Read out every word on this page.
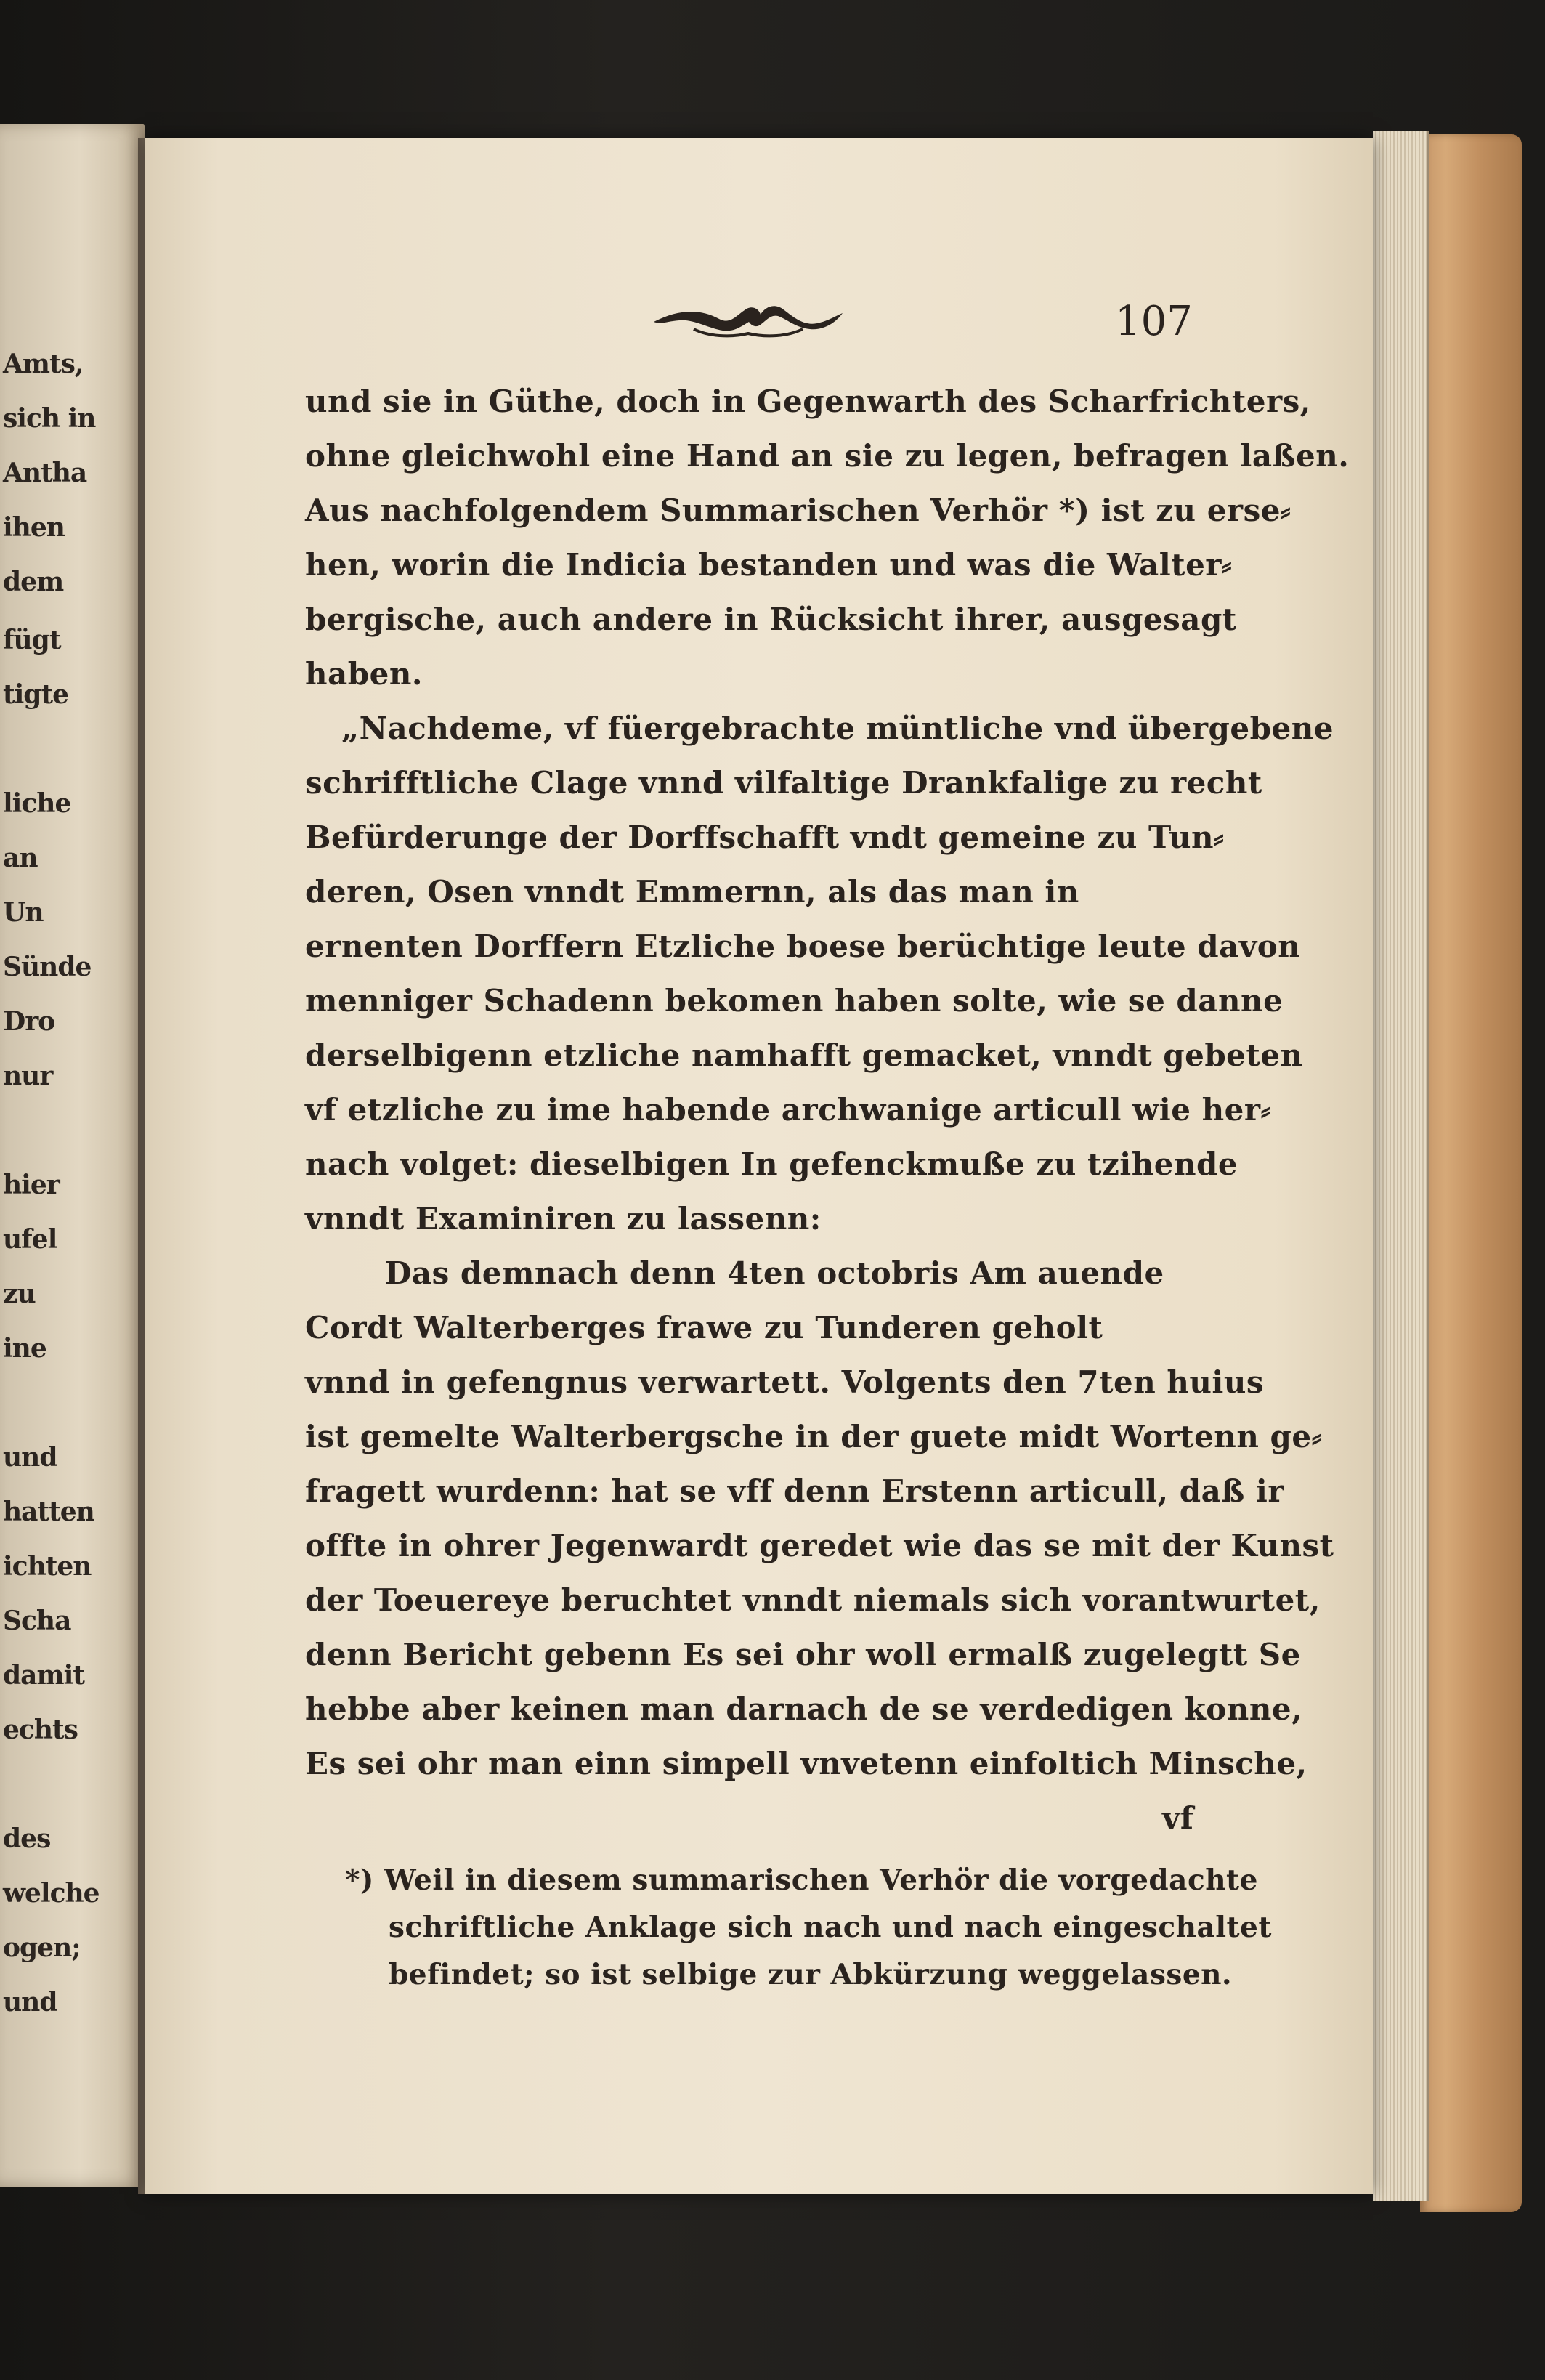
Amts,
sich in
Antha
ihen
dem
fügt
tigte
liche
an
Un
Sünde
Dro
nur
hier
ufel
zu
ine
und
hatten
ichten
Scha
damit
echts
des
welche
ogen;
und
107
und sie in Güthe, doch in Gegenwarth des Scharfrichters,
ohne gleichwohl eine Hand an sie zu legen, befragen laßen.
Aus nachfolgendem Summarischen Verhör *) ist zu erse⸗
hen, worin die Indicia bestanden und was die Walter⸗
bergische, auch andere in Rücksicht ihrer, ausgesagt
haben.
„Nachdeme, vf füergebrachte müntliche vnd übergebene
schrifftliche Clage vnnd vilfaltige Drankfalige zu recht
Befürderunge der Dorffschafft vndt gemeine zu Tun⸗
deren, Osen vnndt Emmernn, als das man in
ernenten Dorffern Etzliche boese berüchtige leute davon
menniger Schadenn bekomen haben solte, wie se danne
derselbigenn etzliche namhafft gemacket, vnndt gebeten
vf etzliche zu ime habende archwanige articull wie her⸗
nach volget: dieselbigen In gefenckmuße zu tzihende
vnndt Examiniren zu lassenn:
Das demnach denn 4ten octobris Am auende
Cordt Walterberges frawe zu Tunderen geholt
vnnd in gefengnus verwartett. Volgents den 7ten huius
ist gemelte Walterbergsche in der guete midt Wortenn ge⸗
fragett wurdenn: hat se vff denn Erstenn articull, daß ir
offte in ohrer Jegenwardt geredet wie das se mit der Kunst
der Toeuereye beruchtet vnndt niemals sich vorantwurtet,
denn Bericht gebenn Es sei ohr woll ermalß zugelegtt Se
hebbe aber keinen man darnach de se verdedigen konne,
Es sei ohr man einn simpell vnvetenn einfoltich Minsche,
vf
*) Weil in diesem summarischen Verhör die vorgedachte
schriftliche Anklage sich nach und nach eingeschaltet
befindet; so ist selbige zur Abkürzung weggelassen.
